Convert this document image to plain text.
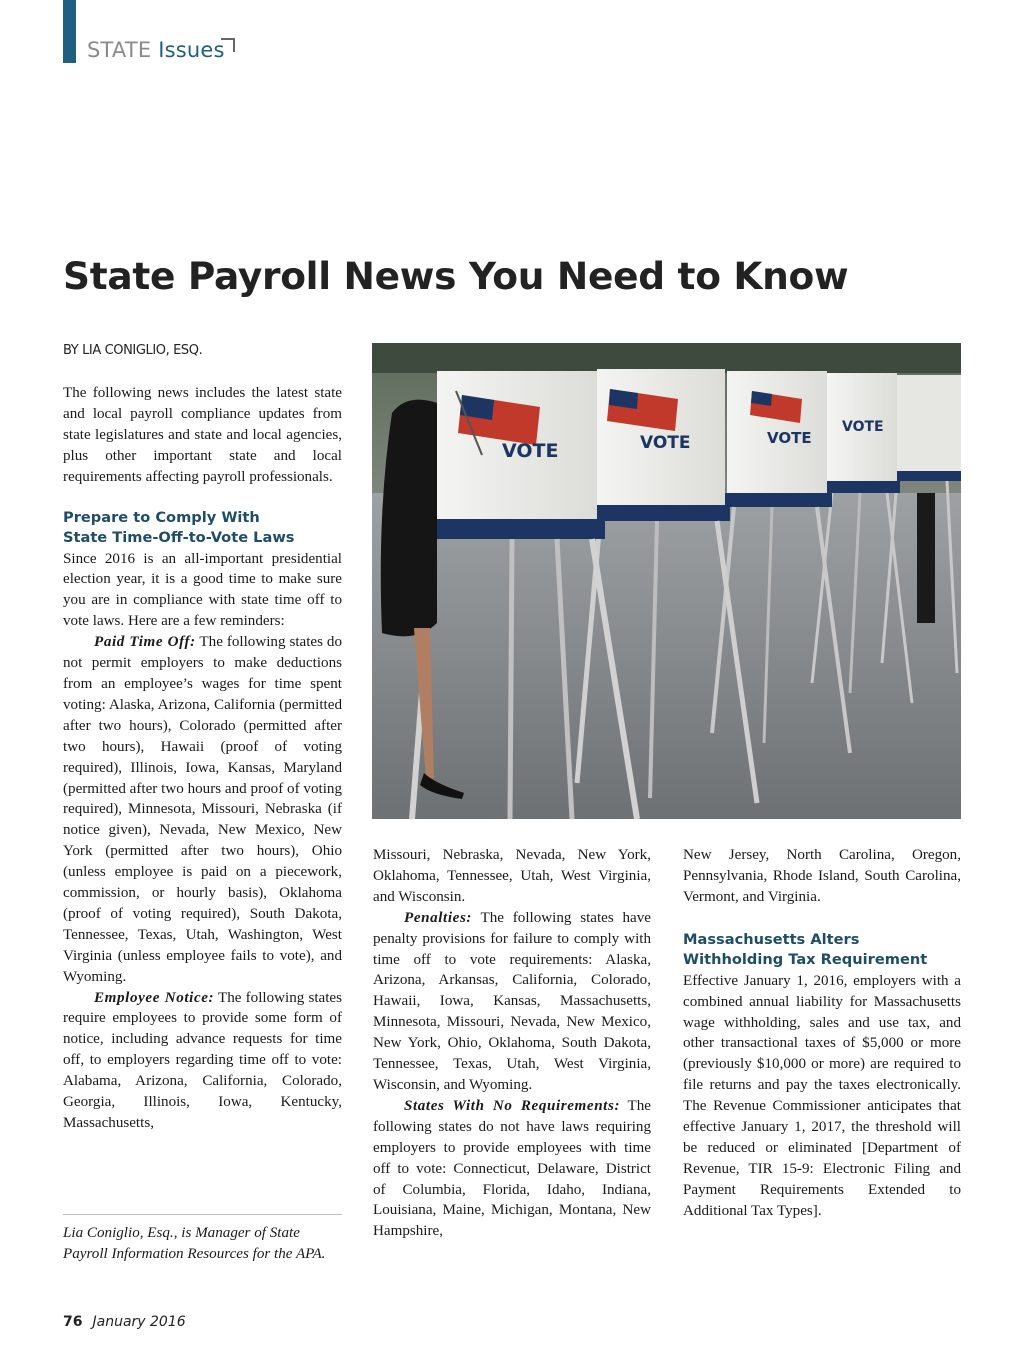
STATE Issues
State Payroll News You Need to Know
BY LIA CONIGLIO, ESQ.

The following news includes the latest state and local payroll compliance updates from state legislatures and state and local agencies, plus other important state and local requirements affecting payroll professionals.

Prepare to Comply With
State Time-Off-to-Vote Laws

Since 2016 is an all-important presidential election year, it is a good time to make sure you are in compliance with state time off to vote laws. Here are a few reminders:

Paid Time Off: The following states do not permit employers to make deductions from an employee’s wages for time spent voting: Alaska, Arizona, California (permitted after two hours), Colorado (permitted after two hours), Hawaii (proof of voting required), Illinois, Iowa, Kansas, Maryland (permitted after two hours and proof of voting required), Minnesota, Missouri, Nebraska (if notice given), Nevada, New Mexico, New York (permitted after two hours), Ohio (unless employee is paid on a piecework, commission, or hourly basis), Oklahoma (proof of voting required), South Dakota, Tennessee, Texas, Utah, Washington, West Virginia (unless employee fails to vote), and Wyoming.

Employee Notice: The following states require employees to provide some form of notice, including advance requests for time off, to employers regarding time off to vote: Alabama, Arizona, California, Colorado, Georgia, Illinois, Iowa, Kentucky, Massachusetts,

Lia Coniglio, Esq., is Manager of State Payroll Information Resources for the APA.

Missouri, Nebraska, Nevada, New York, Oklahoma, Tennessee, Utah, West Virginia, and Wisconsin.

Penalties: The following states have penalty provisions for failure to comply with time off to vote requirements: Alaska, Arizona, Arkansas, California, Colorado, Hawaii, Iowa, Kansas, Massachusetts, Minnesota, Missouri, Nevada, New Mexico, New York, Ohio, Oklahoma, South Dakota, Tennessee, Texas, Utah, West Virginia, Wisconsin, and Wyoming.

States With No Requirements: The following states do not have laws requiring employers to provide employees with time off to vote: Connecticut, Delaware, District of Columbia, Florida, Idaho, Indiana, Louisiana, Maine, Michigan, Montana, New Hampshire,

New Jersey, North Carolina, Oregon, Pennsylvania, Rhode Island, South Carolina, Vermont, and Virginia.

Massachusetts Alters
Withholding Tax Requirement

Effective January 1, 2016, employers with a combined annual liability for Massachusetts wage withholding, sales and use tax, and other transactional taxes of $5,000 or more (previously $10,000 or more) are required to file returns and pay the taxes electronically. The Revenue Commissioner anticipates that effective January 1, 2017, the threshold will be reduced or eliminated [Department of Revenue, TIR 15-9: Electronic Filing and Payment Requirements Extended to Additional Tax Types].

VOTE
VOTE
VOTE
VOTE
76 January 2016
